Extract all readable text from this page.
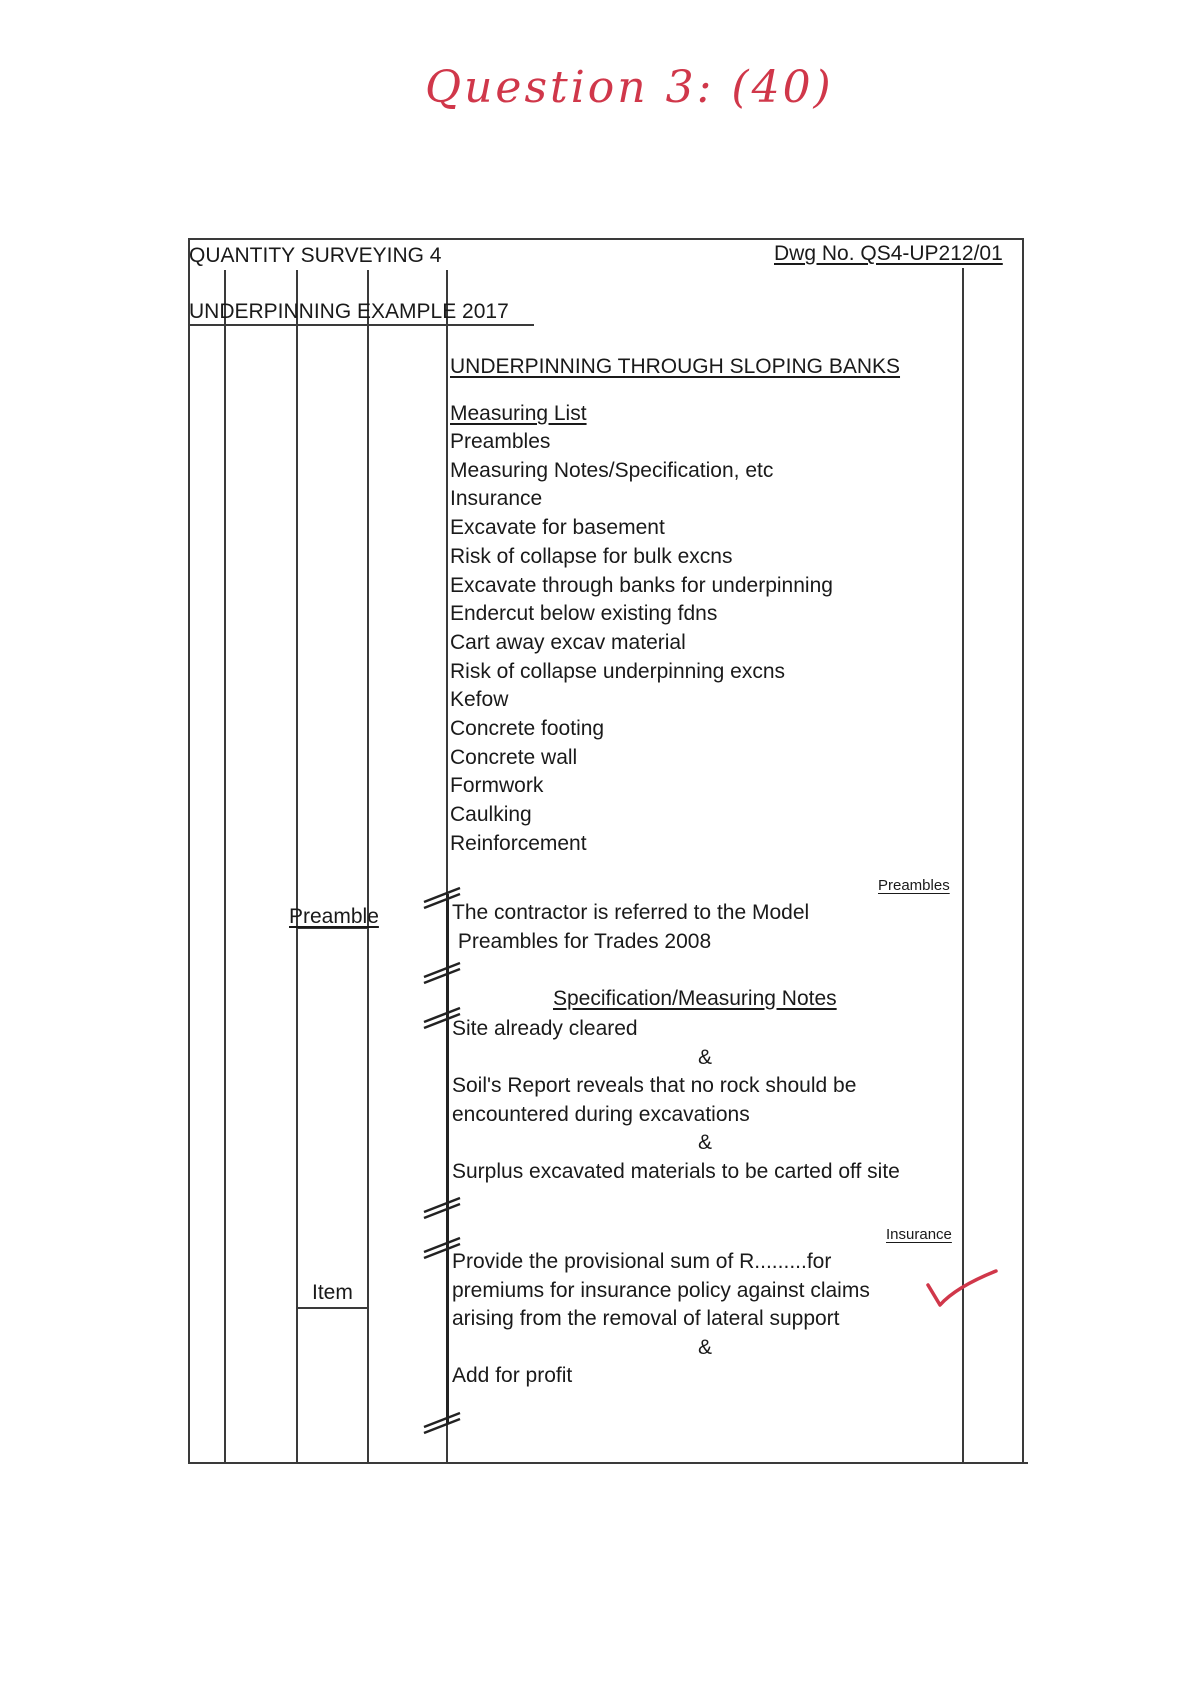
Question 3: (40)
QUANTITY SURVEYING 4	Dwg No. QS4-UP212/01
UNDERPINNING EXAMPLE 2017
UNDERPINNING THROUGH SLOPING BANKS
Measuring List
Preambles
Measuring Notes/Specification, etc
Insurance
Excavate for basement
Risk of collapse for bulk excns
Excavate through banks for underpinning
Endercut below existing fdns
Cart away excav material
Risk of collapse underpinning excns
Kefow
Concrete footing
Concrete wall
Formwork
Caulking
Reinforcement
Preambles
Preamble	The contractor is referred to the Model
Preambles for Trades 2008
Specification/Measuring Notes
Site already cleared
&
Soil's Report reveals that no rock should be
encountered during excavations
&
Surplus excavated materials to be carted off site
Insurance
Item
Provide the provisional sum of R.........for
premiums for insurance policy against claims
arising from the removal of lateral support
&
Add for profit
